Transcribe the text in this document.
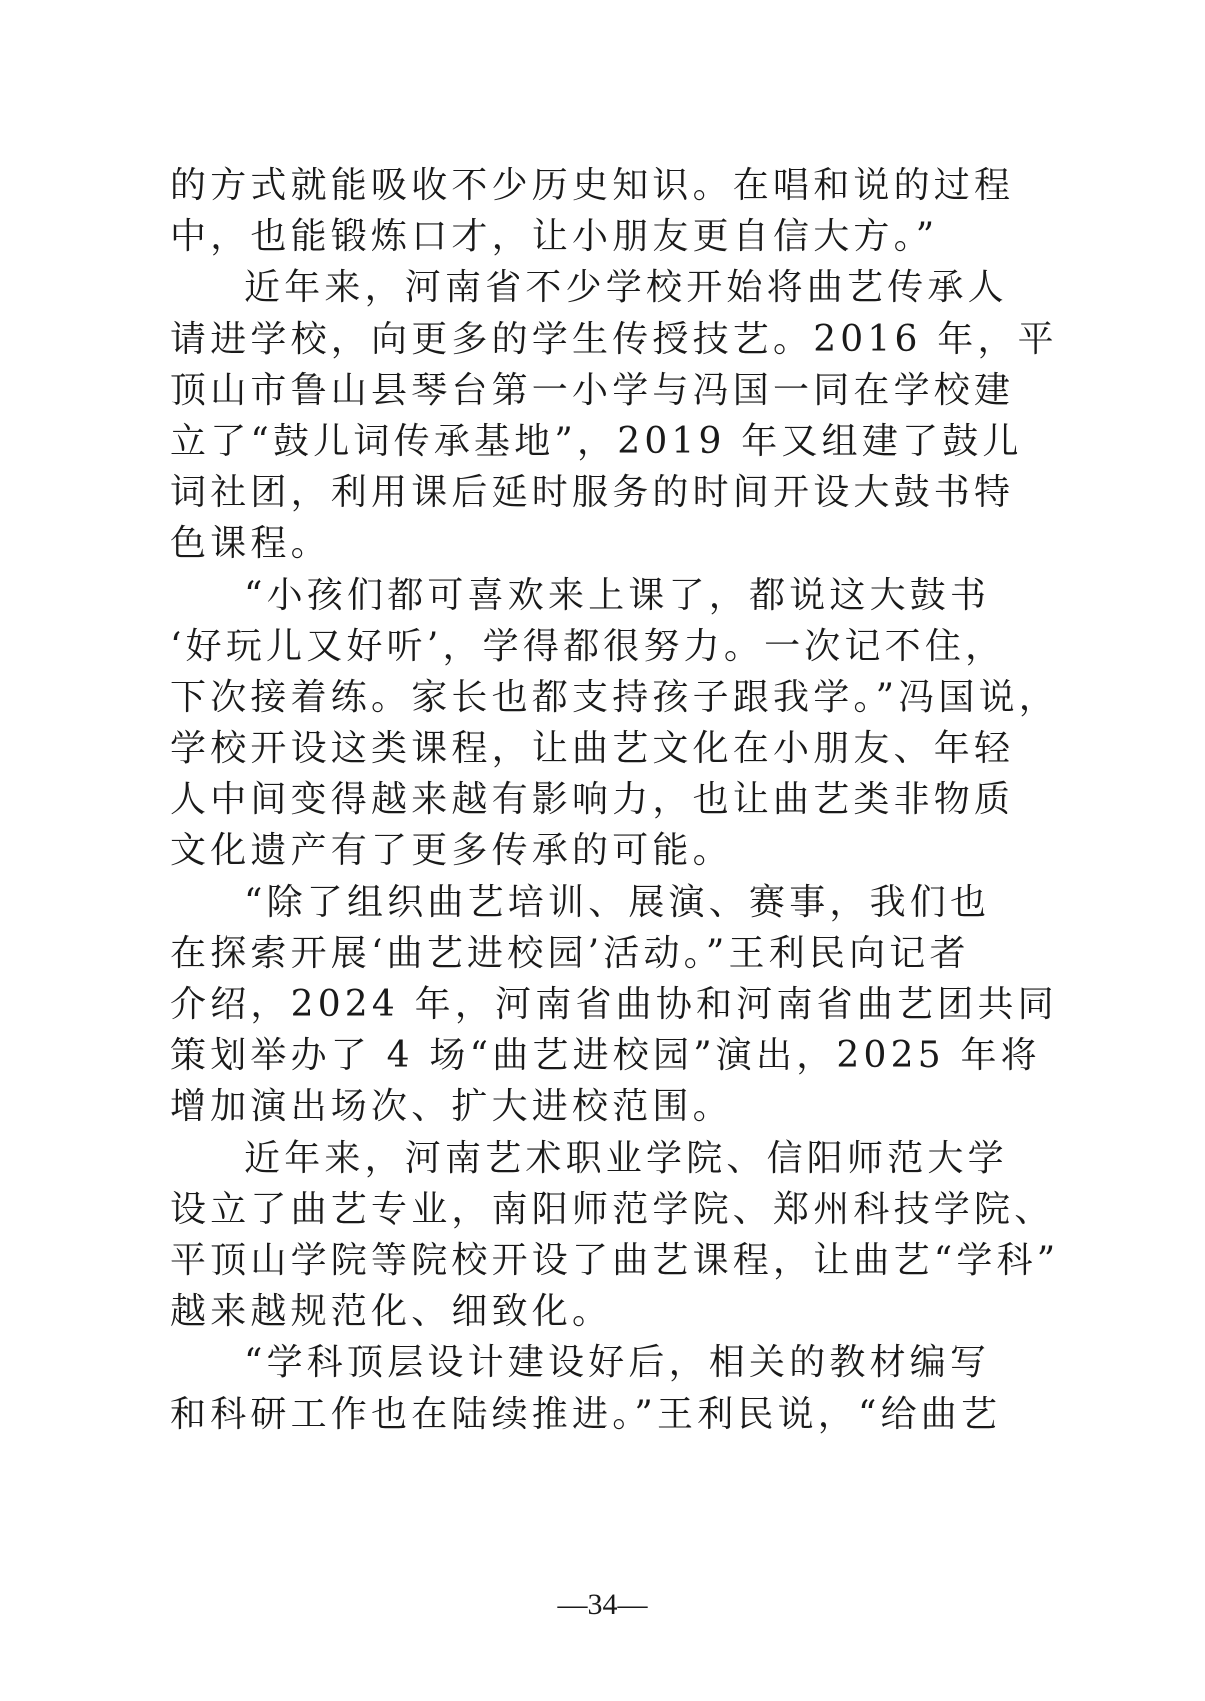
的方式就能吸收不少历史知识。在唱和说的过程
中，也能锻炼口才，让小朋友更自信大方。”
近年来，河南省不少学校开始将曲艺传承人
请进学校，向更多的学生传授技艺。2016 年，平
顶山市鲁山县琴台第一小学与冯国一同在学校建
立了“鼓儿词传承基地”，2019 年又组建了鼓儿
词社团，利用课后延时服务的时间开设大鼓书特
色课程。
“小孩们都可喜欢来上课了，都说这大鼓书
‘好玩儿又好听’，学得都很努力。一次记不住，
下次接着练。家长也都支持孩子跟我学。”冯国说，
学校开设这类课程，让曲艺文化在小朋友、年轻
人中间变得越来越有影响力，也让曲艺类非物质
文化遗产有了更多传承的可能。
“除了组织曲艺培训、展演、赛事，我们也
在探索开展‘曲艺进校园’活动。”王利民向记者
介绍，2024 年，河南省曲协和河南省曲艺团共同
策划举办了 4 场“曲艺进校园”演出，2025 年将
增加演出场次、扩大进校范围。
近年来，河南艺术职业学院、信阳师范大学
设立了曲艺专业，南阳师范学院、郑州科技学院、
平顶山学院等院校开设了曲艺课程，让曲艺“学科”
越来越规范化、细致化。
“学科顶层设计建设好后，相关的教材编写
和科研工作也在陆续推进。”王利民说，“给曲艺
—34—
